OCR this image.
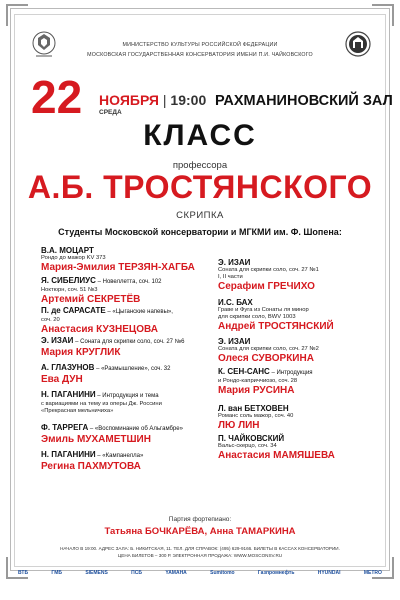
МИНИСТЕРСТВО КУЛЬТУРЫ РОССИЙСКОЙ ФЕДЕРАЦИИ
МОСКОВСКАЯ ГОСУДАРСТВЕННАЯ КОНСЕРВАТОРИЯ ИМЕНИ П.И. ЧАЙКОВСКОГО
22 НОЯБРЯ | 19:00
СРЕДА
РАХМАНИНОВСКИЙ ЗАЛ
КЛАСС
профессора
А.Б. ТРОСТЯНСКОГО
СКРИПКА
Студенты Московской консерватории и МГКМИ им. Ф. Шопена:
В.А. МОЦАРТ
Рондо до мажор KV 373
Мария-Эмилия ТЕРЗЯН-ХАГБА
Я. СИБЕЛИУС – Новеллетта, соч. 102
Ноктюрн, соч. 51 №3
Артемий СЕКРЕТЁВ
П. де САРАСАТЕ – «Цыганские напевы»,
соч. 20
Анастасия КУЗНЕЦОВА
Э. ИЗАИ – Соната для скрипки соло, соч. 27 №6
Мария КРУГЛИК
А. ГЛАЗУНОВ – «Размышление», соч. 32
Ева ДУН
Н. ПАГАНИНИ – Интродукция и тема
с вариациями на тему из оперы Дж. Россини
«Прекрасная мельничиха»
Ф. ТАРРЕГА – «Воспоминание об Альгамбре»
Эмиль МУХАМЕТШИН
Н. ПАГАНИНИ – «Кампанелла»
Регина ПАХМУТОВА
Э. ИЗАИ
Соната для скрипки соло, соч. 27 №1
I, II части
Серафим ГРЕЧИХО
И.С. БАХ
Граве и Фуга из Сонаты ля минор
для скрипки соло, BWV 1003
Андрей ТРОСТЯНСКИЙ
Э. ИЗАИ
Соната для скрипки соло, соч. 27 №2
Олеся СУВОРКИНА
К. СЕН-САНС – Интродукция
и Рондо-каприччиозо, соч. 28
Мария РУСИНА
Л. ван БЕТХОВЕН
Романс соль мажор, соч. 40
ЛЮ ЛИН
П. ЧАЙКОВСКИЙ
Вальс-скерцо, соч. 34
Анастасия МАМЯШЕВА
Партия фортепиано:
Татьяна БОЧКАРЁВА, Анна ТАМАРКИНА
НАЧАЛО В 19:00. АДРЕС ЗАЛА: Б. НИКИТСКАЯ, 11. ТЕЛ. ДЛЯ СПРАВОК: (495) 629-9166. БИЛЕТЫ В КАССАХ КОНСЕРВАТОРИИ.
ЦЕНА БИЛЕТОВ – 300 Р. ЭЛЕКТРОННАЯ ПРОДАЖА: WWW.MOSCONSV.RU
ВТБ	ГМБ	SIEMENS	ПСБ	YAMAHA	Sumitomo	Газпромнефть	HYUNDAI	METRO
